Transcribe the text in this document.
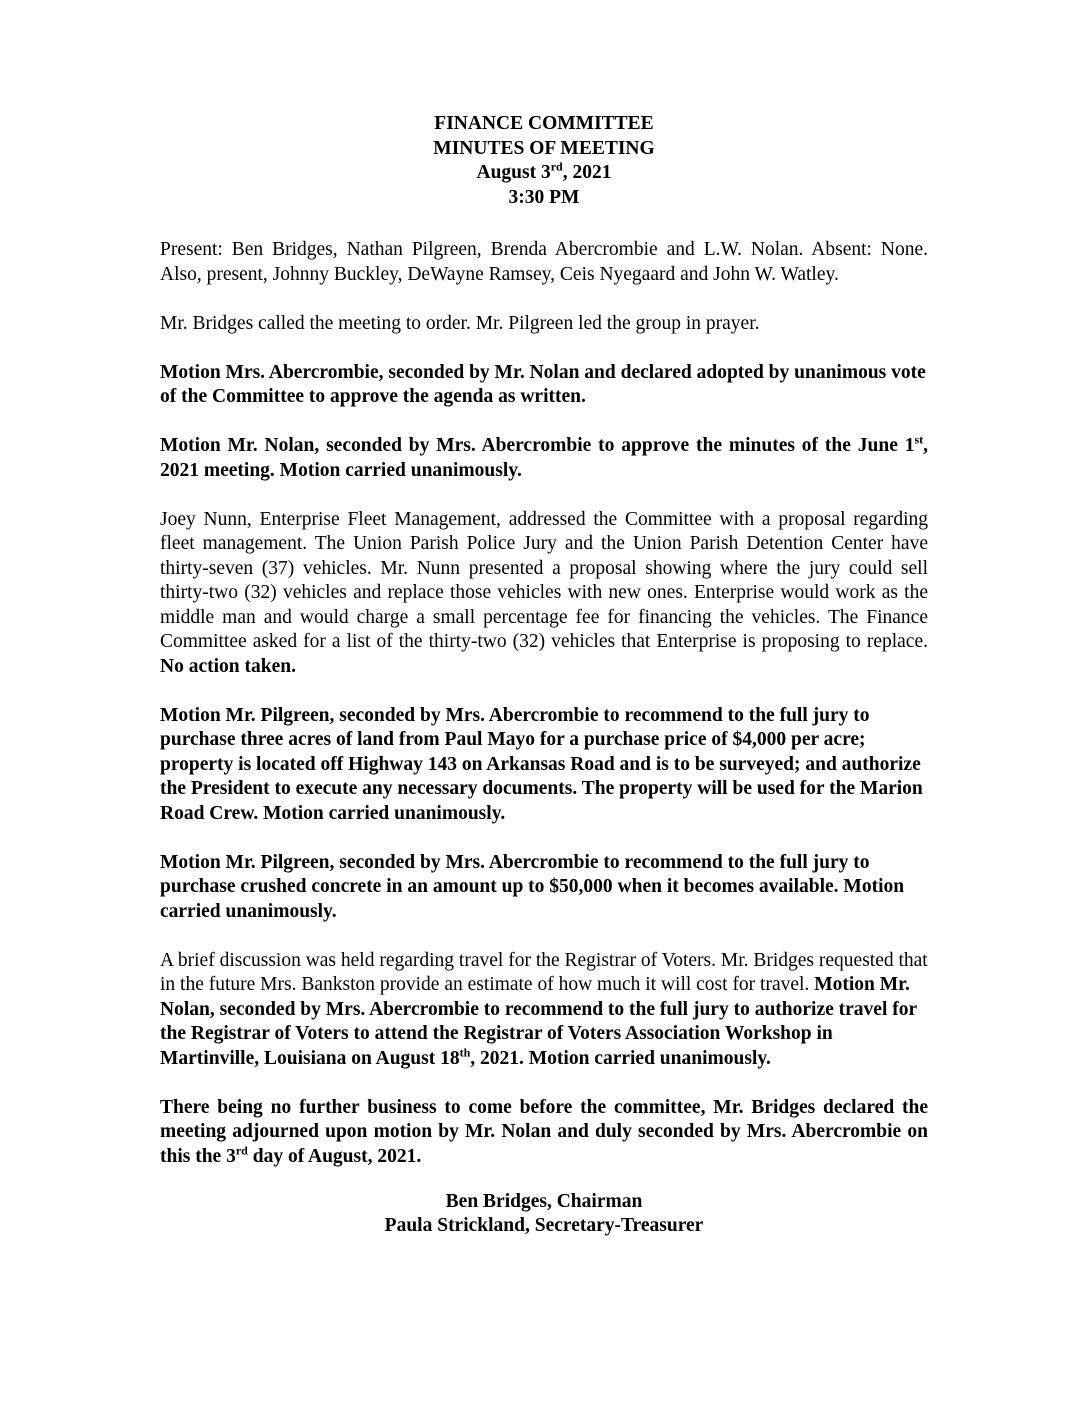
FINANCE COMMITTEE
MINUTES OF MEETING
August 3rd, 2021
3:30 PM

Present: Ben Bridges, Nathan Pilgreen, Brenda Abercrombie and L.W. Nolan. Absent: None. Also, present, Johnny Buckley, DeWayne Ramsey, Ceis Nyegaard and John W. Watley.

Mr. Bridges called the meeting to order. Mr. Pilgreen led the group in prayer.

Motion Mrs. Abercrombie, seconded by Mr. Nolan and declared adopted by unanimous vote of the Committee to approve the agenda as written.

Motion Mr. Nolan, seconded by Mrs. Abercrombie to approve the minutes of the June 1st, 2021 meeting. Motion carried unanimously.

Joey Nunn, Enterprise Fleet Management, addressed the Committee with a proposal regarding fleet management. The Union Parish Police Jury and the Union Parish Detention Center have thirty-seven (37) vehicles. Mr. Nunn presented a proposal showing where the jury could sell thirty-two (32) vehicles and replace those vehicles with new ones. Enterprise would work as the middle man and would charge a small percentage fee for financing the vehicles. The Finance Committee asked for a list of the thirty-two (32) vehicles that Enterprise is proposing to replace. No action taken.

Motion Mr. Pilgreen, seconded by Mrs. Abercrombie to recommend to the full jury to purchase three acres of land from Paul Mayo for a purchase price of $4,000 per acre; property is located off Highway 143 on Arkansas Road and is to be surveyed; and authorize the President to execute any necessary documents. The property will be used for the Marion Road Crew. Motion carried unanimously.

Motion Mr. Pilgreen, seconded by Mrs. Abercrombie to recommend to the full jury to purchase crushed concrete in an amount up to $50,000 when it becomes available. Motion carried unanimously.

A brief discussion was held regarding travel for the Registrar of Voters. Mr. Bridges requested that in the future Mrs. Bankston provide an estimate of how much it will cost for travel. Motion Mr. Nolan, seconded by Mrs. Abercrombie to recommend to the full jury to authorize travel for the Registrar of Voters to attend the Registrar of Voters Association Workshop in Martinville, Louisiana on August 18th, 2021. Motion carried unanimously.

There being no further business to come before the committee, Mr. Bridges declared the meeting adjourned upon motion by Mr. Nolan and duly seconded by Mrs. Abercrombie on this the 3rd day of August, 2021.

Ben Bridges, Chairman
Paula Strickland, Secretary-Treasurer
